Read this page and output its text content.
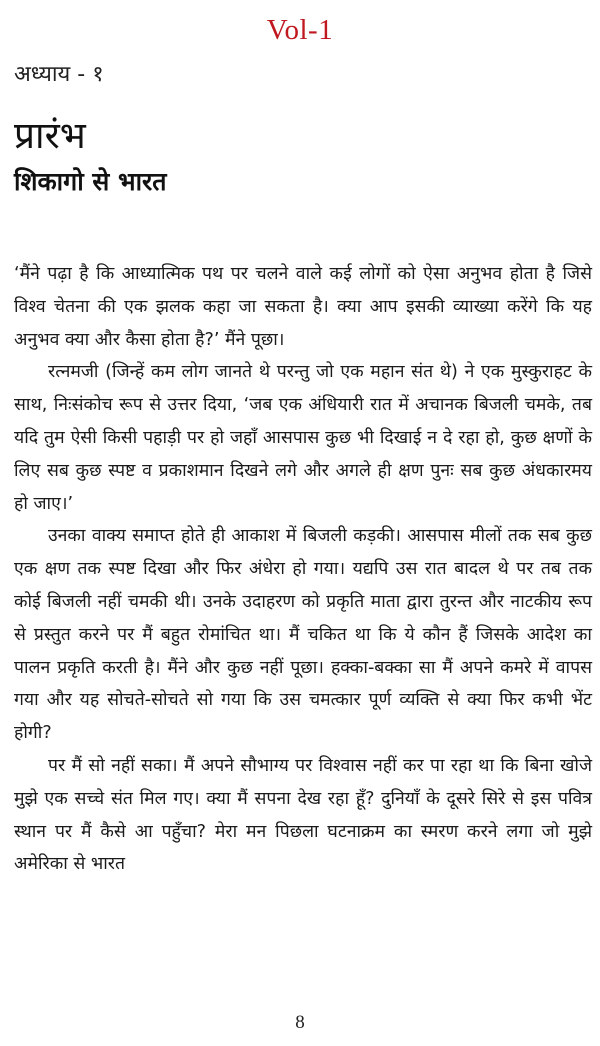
Vol-1
अध्याय - १
प्रारंभ
शिकागो से भारत

‘मैंने पढ़ा है कि आध्यात्मिक पथ पर चलने वाले कई लोगों को ऐसा अनुभव होता है जिसे विश्व चेतना की एक झलक कहा जा सकता है। क्या आप इसकी व्याख्या करेंगे कि यह अनुभव क्या और कैसा होता है?’ मैंने पूछा।

रत्नमजी (जिन्हें कम लोग जानते थे परन्तु जो एक महान संत थे) ने एक मुस्कुराहट के साथ, निःसंकोच रूप से उत्तर दिया, ‘जब एक अंधियारी रात में अचानक बिजली चमके, तब यदि तुम ऐसी किसी पहाड़ी पर हो जहाँ आसपास कुछ भी दिखाई न दे रहा हो, कुछ क्षणों के लिए सब कुछ स्पष्ट व प्रकाशमान दिखने लगे और अगले ही क्षण पुनः सब कुछ अंधकारमय हो जाए।’

उनका वाक्य समाप्त होते ही आकाश में बिजली कड़की। आसपास मीलों तक सब कुछ एक क्षण तक स्पष्ट दिखा और फिर अंधेरा हो गया। यद्यपि उस रात बादल थे पर तब तक कोई बिजली नहीं चमकी थी। उनके उदाहरण को प्रकृति माता द्वारा तुरन्त और नाटकीय रूप से प्रस्तुत करने पर मैं बहुत रोमांचित था। मैं चकित था कि ये कौन हैं जिसके आदेश का पालन प्रकृति करती है। मैंने और कुछ नहीं पूछा। हक्का-बक्का सा मैं अपने कमरे में वापस गया और यह सोचते-सोचते सो गया कि उस चमत्कार पूर्ण व्यक्ति से क्या फिर कभी भेंट होगी?

पर मैं सो नहीं सका। मैं अपने सौभाग्य पर विश्वास नहीं कर पा रहा था कि बिना खोजे मुझे एक सच्चे संत मिल गए। क्या मैं सपना देख रहा हूँ? दुनियाँ के दूसरे सिरे से इस पवित्र स्थान पर मैं कैसे आ पहुँचा? मेरा मन पिछला घटनाक्रम का स्मरण करने लगा जो मुझे अमेरिका से भारत

8
